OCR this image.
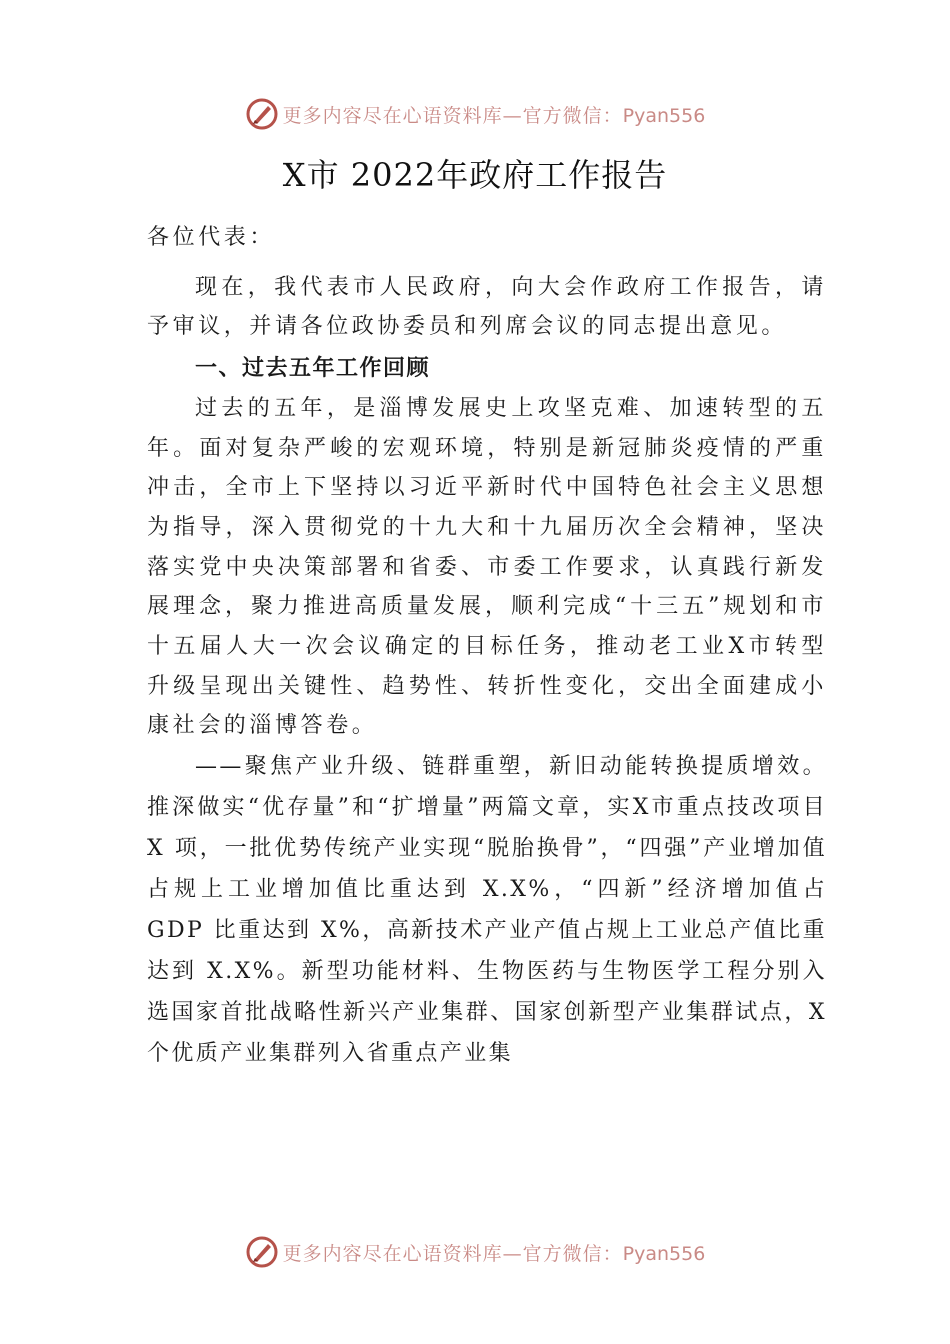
更多内容尽在心语资料库—官方微信：Pyan556
X市 2022年政府工作报告

各位代表：

现在，我代表市人民政府，向大会作政府工作报告，请予审议，并请各位政协委员和列席会议的同志提出意见。

一、过去五年工作回顾

过去的五年，是淄博发展史上攻坚克难、加速转型的五年。面对复杂严峻的宏观环境，特别是新冠肺炎疫情的严重冲击，全市上下坚持以习近平新时代中国特色社会主义思想为指导，深入贯彻党的十九大和十九届历次全会精神，坚决落实党中央决策部署和省委、市委工作要求，认真践行新发展理念，聚力推进高质量发展，顺利完成“十三五”规划和市十五届人大一次会议确定的目标任务，推动老工业X市转型升级呈现出关键性、趋势性、转折性变化，交出全面建成小康社会的淄博答卷。

——聚焦产业升级、链群重塑，新旧动能转换提质增效。推深做实“优存量”和“扩增量”两篇文章，实X市重点技改项目 X 项，一批优势传统产业实现“脱胎换骨”，“四强”产业增加值占规上工业增加值比重达到 X.X%，“四新”经济增加值占 GDP 比重达到 X%，高新技术产业产值占规上工业总产值比重达到 X.X%。新型功能材料、生物医药与生物医学工程分别入选国家首批战略性新兴产业集群、国家创新型产业集群试点，X个优质产业集群列入省重点产业集

更多内容尽在心语资料库—官方微信：Pyan556
